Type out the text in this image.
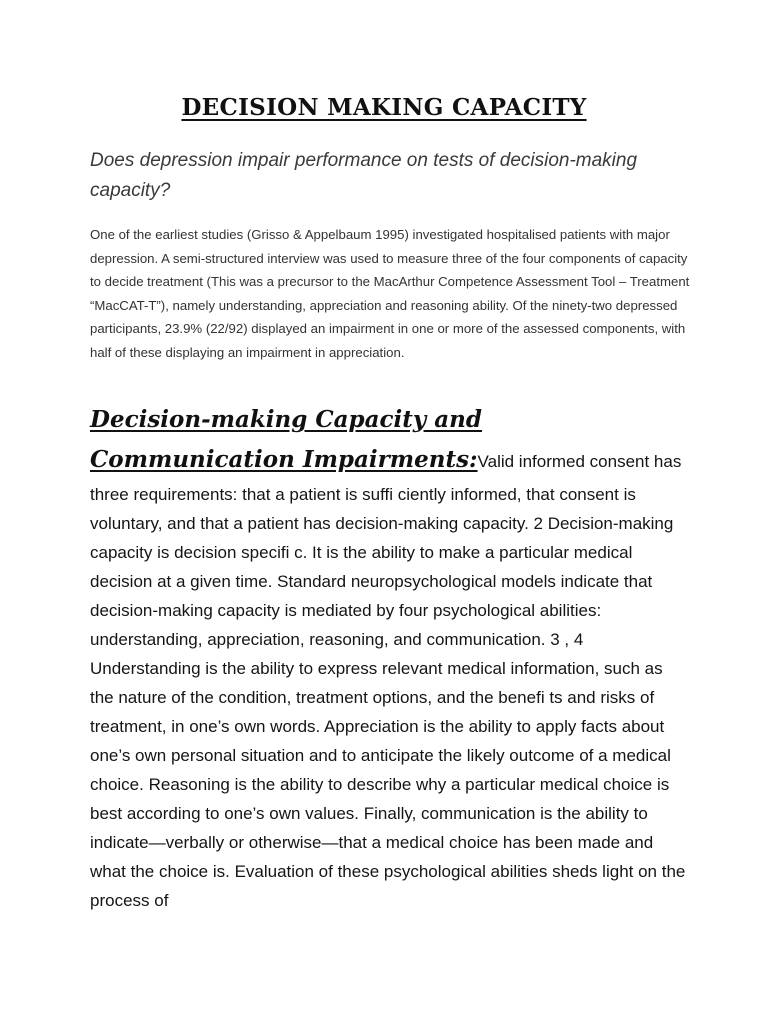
DECISION MAKING CAPACITY

Does depression impair performance on tests of decision-making capacity?

One of the earliest studies (Grisso & Appelbaum 1995) investigated hospitalised patients with major depression. A semi-structured interview was used to measure three of the four components of capacity to decide treatment (This was a precursor to the MacArthur Competence Assessment Tool – Treatment “MacCAT-T”), namely understanding, appreciation and reasoning ability. Of the ninety-two depressed participants, 23.9% (22/92) displayed an impairment in one or more of the assessed components, with half of these displaying an impairment in appreciation.

Decision-making Capacity and Communication Impairments:Valid informed consent has three requirements: that a patient is suffi ciently informed, that consent is voluntary, and that a patient has decision-making capacity. 2 Decision-making capacity is decision specifi c. It is the ability to make a particular medical decision at a given time. Standard neuropsychological models indicate that decision-making capacity is mediated by four psychological abilities: understanding, appreciation, reasoning, and communication. 3 , 4 Understanding is the ability to express relevant medical information, such as the nature of the condition, treatment options, and the benefi ts and risks of treatment, in one’s own words. Appreciation is the ability to apply facts about one’s own personal situation and to anticipate the likely outcome of a medical choice. Reasoning is the ability to describe why a particular medical choice is best according to one’s own values. Finally, communication is the ability to indicate—verbally or otherwise—that a medical choice has been made and what the choice is. Evaluation of these psychological abilities sheds light on the process of
